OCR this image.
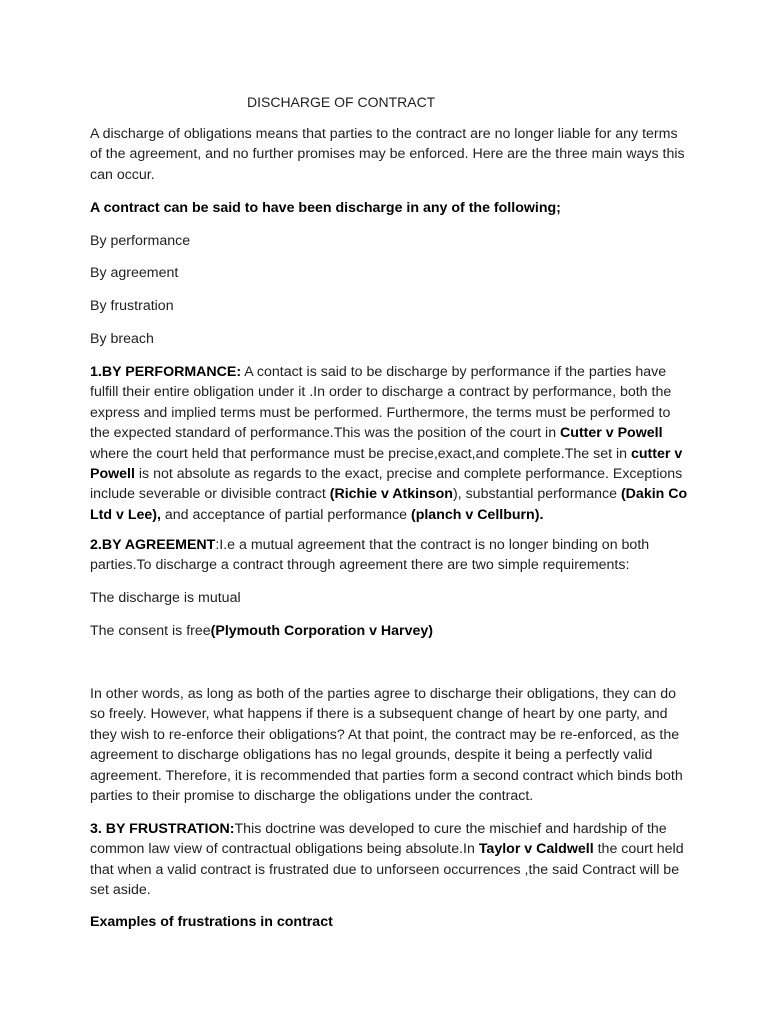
DISCHARGE OF CONTRACT

A discharge of obligations means that parties to the contract are no longer liable for any terms of the agreement, and no further promises may be enforced. Here are the three main ways this can occur.

A contract can be said to have been discharge in any of the following;

By performance

By agreement

By frustration

By breach

1.BY PERFORMANCE: A contact is said to be discharge by performance if the parties have fulfill their entire obligation under it .In order to discharge a contract by performance, both the express and implied terms must be performed. Furthermore, the terms must be performed to the expected standard of performance.This was the position of the court in Cutter v Powell where the court held that performance must be precise,exact,and complete.The set in cutter v Powell is not absolute as regards to the exact, precise and complete performance. Exceptions include severable or divisible contract (Richie v Atkinson), substantial performance (Dakin Co Ltd v Lee), and acceptance of partial performance (planch v Cellburn).

2.BY AGREEMENT:I.e a mutual agreement that the contract is no longer binding on both parties.To discharge a contract through agreement there are two simple requirements:

The discharge is mutual

The consent is free(Plymouth Corporation v Harvey)

In other words, as long as both of the parties agree to discharge their obligations, they can do so freely. However, what happens if there is a subsequent change of heart by one party, and they wish to re-enforce their obligations? At that point, the contract may be re-enforced, as the agreement to discharge obligations has no legal grounds, despite it being a perfectly valid agreement. Therefore, it is recommended that parties form a second contract which binds both parties to their promise to discharge the obligations under the contract.

3. BY FRUSTRATION:This doctrine was developed to cure the mischief and hardship of the common law view of contractual obligations being absolute.In Taylor v Caldwell the court held that when a valid contract is frustrated due to unforseen occurrences ,the said Contract will be set aside.

Examples of frustrations in contract
